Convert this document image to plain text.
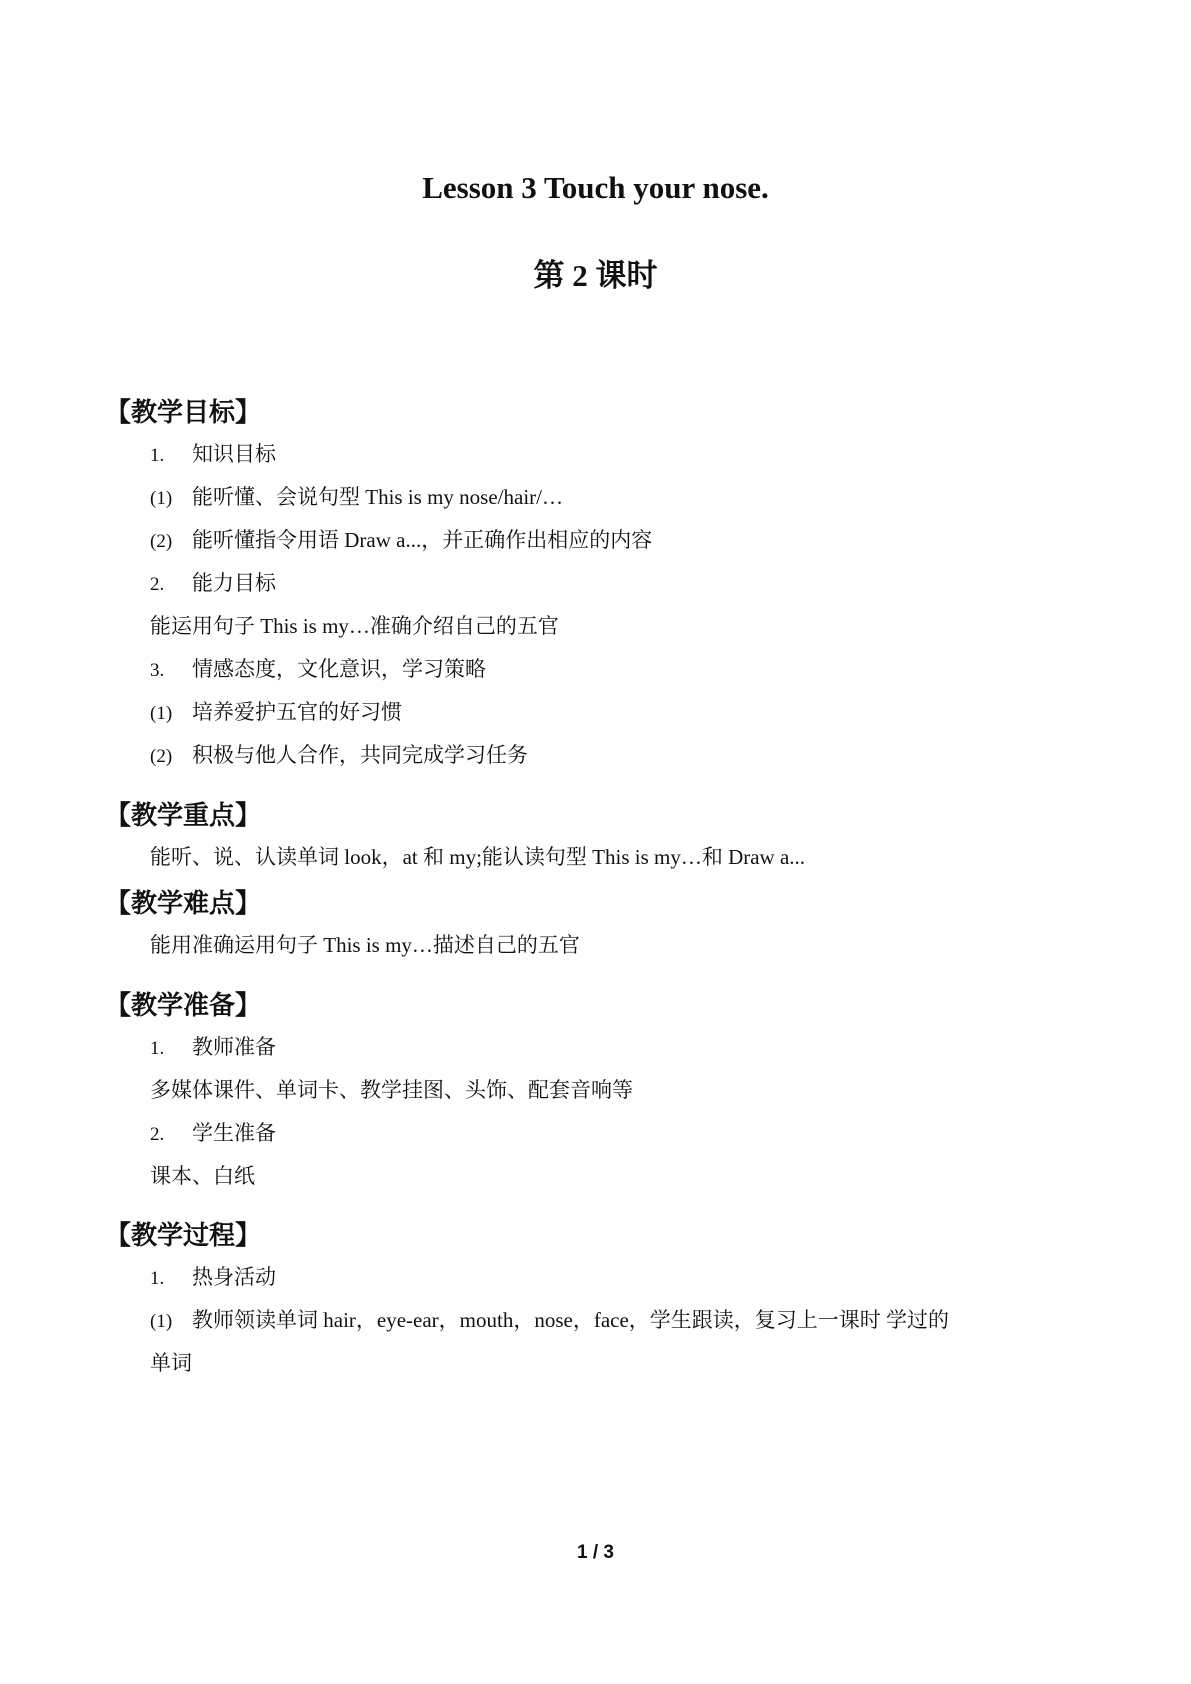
Lesson 3 Touch your nose.
第 2 课时
【教学目标】
1. 知识目标
(1) 能听懂、会说句型 This is my nose/hair/…
(2) 能听懂指令用语 Draw a...，并正确作出相应的内容
2. 能力目标
能运用句子 This is my…准确介绍自己的五官
3. 情感态度，文化意识，学习策略
(1) 培养爱护五官的好习惯
(2) 积极与他人合作，共同完成学习任务
【教学重点】
能听、说、认读单词 look，at 和 my;能认读句型 This is my…和 Draw a...
【教学难点】
能用准确运用句子 This is my…描述自己的五官
【教学准备】
1. 教师准备
多媒体课件、单词卡、教学挂图、头饰、配套音响等
2. 学生准备
课本、白纸
【教学过程】
1. 热身活动
(1) 教师领读单词 hair，eye-ear，mouth，nose，face，学生跟读，复习上一课时 学过的
单词
1 / 3
